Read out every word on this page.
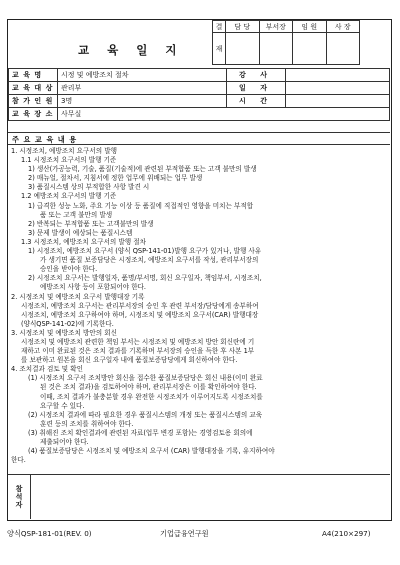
교 육 일 지
결	담 당	부서장	임 원	사 장
재				
교 육 명	시정 및 예방조치 절차	강 사	
교 육 대 상	관리부	일 자	
참 가 인 원	3명	시 간	
교 육 장 소	사무실		
주 요 교 육 내 용

1. 시정조치, 예방조치 요구서의 발행

1.1 시정조치 요구서의 발행 기준

1) 생산(가공능력, 기술, 품질(기술적)에 관련된 부적합품 또는 고객 불만의 발생

2) 매뉴얼, 절차서, 지침서에 정한 업무에 위배되는 업무 발생

3) 품질시스템 상의 부적합한 사항 발견 시

1.2 예방조치 요구서의 발행 기준

1) 급격한 성능 노화, 주요 기능 이상 등 품질에 직접적인 영향을 미치는 부적합

품 또는 고객 불만의 발생

2) 반복되는 부적합품 또는 고객불만의 발생

3) 문제 발생이 예상되는 품질시스템

1.3 시정조치, 예방조치 요구서의 발행 절차

1) 시정조치, 예방조치 요구서 (양식 QSP-141-01)발행 요구가 있거나, 발행 사유

가 생기면 품질 보증담당은 시정조치, 예방조치 요구서를 작성, 관리부서장의

승인을 받아야 한다.

2) 시정조치 요구서는 발행일자, 품명/부서명, 회신 요구일자, 책임부서, 시정조치,

예방조치 사항 등이 포함되어야 한다.

2. 시정조치 및 예방조치 요구서 발행대장 기록

시정조치, 예방조치 요구서는 관리부서장의 승인 후 관련 부서장/담당에게 송부하여

시정조치, 예방조치 요구하여야 하며, 시정조치 및 예방조치 요구서(CAR) 발행대장

(양식QSP-141-02)에 기록한다.

3. 시정조치 및 예방조치 방안의 회신

시정조치 및 예방조치 관련한 책임 부서는 시정조치 및 예방조치 방안 회신란에 기

재하고 이미 완료된 것은 조치 결과를 기록하며 부서장의 승인을 득한 후 사본 1부

를 보관하고 원본을 회신 요구일자 내에 품질보증담당에게 회신하여야 한다.

4. 조치결과 검토 및 확인

(1) 시정조치 요구서 조치방안 회신을 접수한 품질보증담당은 회신 내용(이미 완료

된 것은 조치 결과)을 검토하여야 하며, 관리부서장은 이를 확인하여야 한다.

이때, 조치 결과가 불충분할 경우 완전한 시정조치가 이루어지도록 시정조치를

요구할 수 있다.

(2) 시정조치 결과에 따라 필요한 경우 품질시스템의 개정 또는 품질시스템의 교육

훈련 등의 조치를 취하여야 한다.

(3) 취해진 조치 확인결과에 관련된 자료(업무 변경 포함)는 경영검토용 회의에

제출되어야 한다.

(4) 품질보증담당은 시정조치 및 예방조치 요구서 (CAR) 발행대장을 기록, 유지하여야

한다.

참석자
양식QSP-181-01(REV. 0)	기업급융연구원	A4(210×297)
